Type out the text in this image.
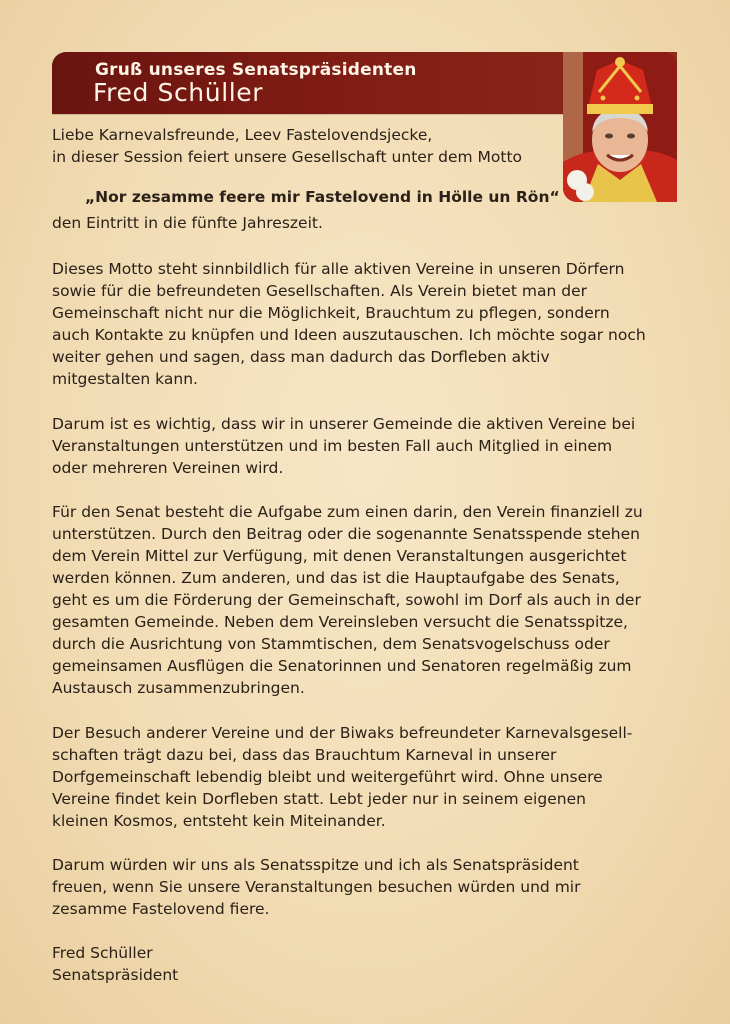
Gruß unseres Senatspräsidenten
Fred Schüller
Liebe Karnevalsfreunde, Leev Fastelovendsjecke,
in dieser Session feiert unsere Gesellschaft unter dem Motto
„Nor zesamme feere mir Fastelovend in Hölle un Rön“
den Eintritt in die fünfte Jahreszeit.
Dieses Motto steht sinnbildlich für alle aktiven Vereine in unseren Dörfern
sowie für die befreundeten Gesellschaften. Als Verein bietet man der
Gemeinschaft nicht nur die Möglichkeit, Brauchtum zu pflegen, sondern
auch Kontakte zu knüpfen und Ideen auszutauschen. Ich möchte sogar noch
weiter gehen und sagen, dass man dadurch das Dorfleben aktiv
mitgestalten kann.
Darum ist es wichtig, dass wir in unserer Gemeinde die aktiven Vereine bei
Veranstaltungen unterstützen und im besten Fall auch Mitglied in einem
oder mehreren Vereinen wird.
Für den Senat besteht die Aufgabe zum einen darin, den Verein finanziell zu
unterstützen. Durch den Beitrag oder die sogenannte Senatsspende stehen
dem Verein Mittel zur Verfügung, mit denen Veranstaltungen ausgerichtet
werden können. Zum anderen, und das ist die Hauptaufgabe des Senats,
geht es um die Förderung der Gemeinschaft, sowohl im Dorf als auch in der
gesamten Gemeinde. Neben dem Vereinsleben versucht die Senatsspitze,
durch die Ausrichtung von Stammtischen, dem Senatsvogelschuss oder
gemeinsamen Ausflügen die Senatorinnen und Senatoren regelmäßig zum
Austausch zusammenzubringen.
Der Besuch anderer Vereine und der Biwaks befreundeter Karnevalsgesell-
schaften trägt dazu bei, dass das Brauchtum Karneval in unserer
Dorfgemeinschaft lebendig bleibt und weitergeführt wird. Ohne unsere
Vereine findet kein Dorfleben statt. Lebt jeder nur in seinem eigenen
kleinen Kosmos, entsteht kein Miteinander.
Darum würden wir uns als Senatsspitze und ich als Senatspräsident
freuen, wenn Sie unsere Veranstaltungen besuchen würden und mir
zesamme Fastelovend fiere.
Fred Schüller
Senatspräsident
